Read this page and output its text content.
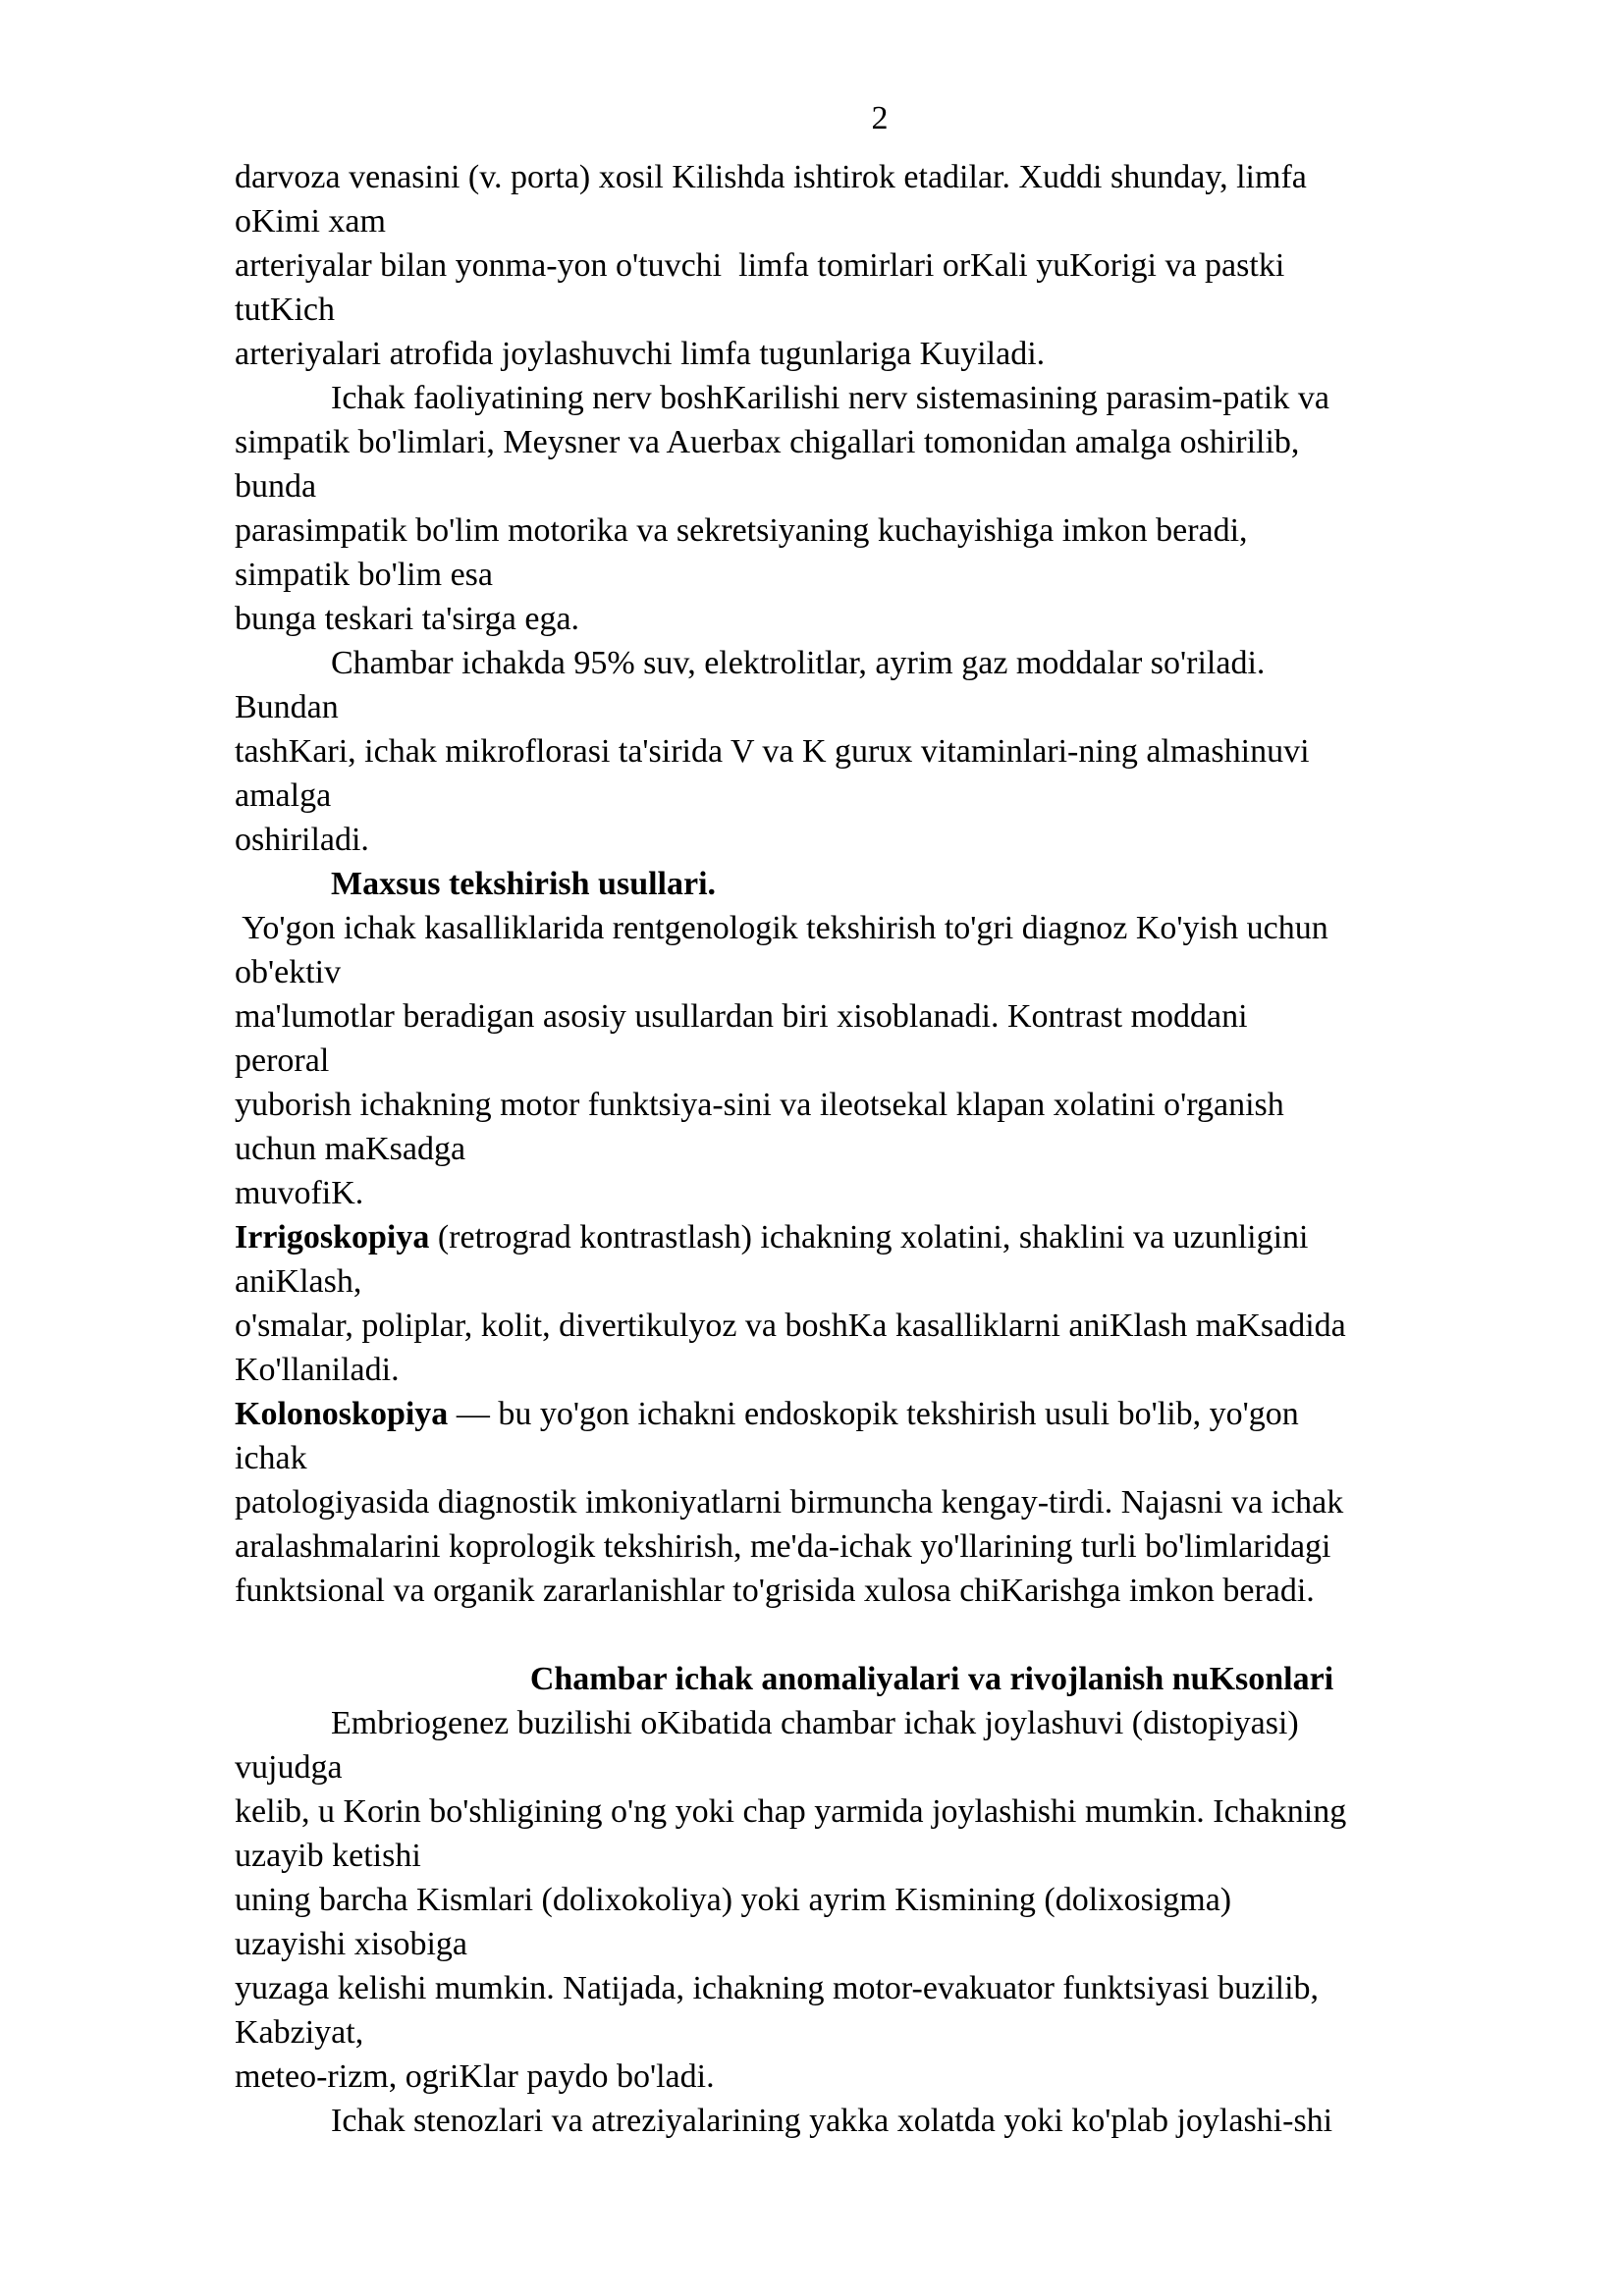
2
darvoza venasini (v. porta) xosil Kilishda ishtirok etadilar. Xuddi shunday, limfa
oKimi xam
arteriyalar bilan yonma-yon o'tuvchi  limfa tomirlari orKali yuKorigi va pastki
tutKich
arteriyalari atrofida joylashuvchi limfa tugunlariga Kuyiladi.
Ichak faoliyatining nerv boshKarilishi nerv sistemasining parasim-patik va
simpatik bo'limlari, Meysner va Auerbax chigallari tomonidan amalga oshirilib,
bunda
parasimpatik bo'lim motorika va sekretsiyaning kuchayishiga imkon beradi,
simpatik bo'lim esa
bunga teskari ta'sirga ega.
Chambar ichakda 95% suv, elektrolitlar, ayrim gaz moddalar so'riladi.
Bundan
tashKari, ichak mikroflorasi ta'sirida V va K gurux vitaminlari-ning almashinuvi
amalga
oshiriladi.
Maxsus tekshirish usullari.
Yo'gon ichak kasalliklarida rentgenologik tekshirish to'gri diagnoz Ko'yish uchun
ob'ektiv
ma'lumotlar beradigan asosiy usullardan biri xisoblanadi. Kontrast moddani
peroral
yuborish ichakning motor funktsiya-sini va ileotsekal klapan xolatini o'rganish
uchun maKsadga
muvofiK.
Irrigoskopiya (retrograd kontrastlash) ichakning xolatini, shaklini va uzunligini
aniKlash,
o'smalar, poliplar, kolit, divertikulyoz va boshKa kasalliklarni aniKlash maKsadida
Ko'llaniladi.
Kolonoskopiya — bu yo'gon ichakni endoskopik tekshirish usuli bo'lib, yo'gon
ichak
patologiyasida diagnostik imkoniyatlarni birmuncha kengay-tirdi. Najasni va ichak
aralashmalarini koprologik tekshirish, me'da-ichak yo'llarining turli bo'limlaridagi
funktsional va organik zararlanishlar to'grisida xulosa chiKarishga imkon beradi.
Chambar ichak anomaliyalari va rivojlanish nuKsonlari
Embriogenez buzilishi oKibatida chambar ichak joylashuvi (distopiyasi)
vujudga
kelib, u Korin bo'shligining o'ng yoki chap yarmida joylashishi mumkin. Ichakning
uzayib ketishi
uning barcha Kismlari (dolixokoliya) yoki ayrim Kismining (dolixosigma)
uzayishi xisobiga
yuzaga kelishi mumkin. Natijada, ichakning motor-evakuator funktsiyasi buzilib,
Kabziyat,
meteo-rizm, ogriKlar paydo bo'ladi.
Ichak stenozlari va atreziyalarining yakka xolatda yoki ko'plab joylashi-shi
